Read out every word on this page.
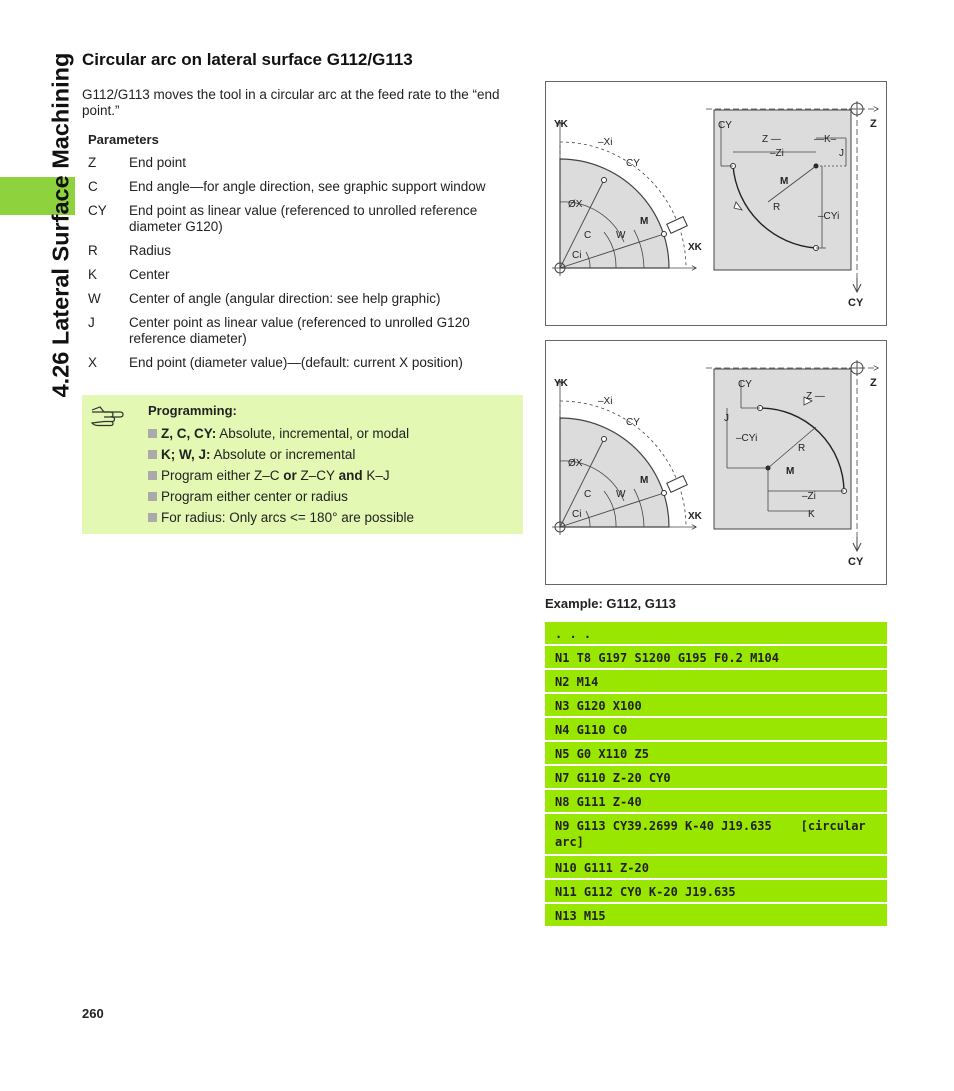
4.26 Lateral Surface Machining Circular arc on lateral surface G112/G113
G112/G113 moves the tool in a circular arc at the feed rate to the “end point.”
Parameters
Z End point
C End angle—for angle direction, see graphic support window
CY End point as linear value (referenced to unrolled reference diameter G120)
R Radius
K Center
W Center of angle (angular direction: see help graphic)
J	Center point as linear value (referenced to unrolled G120 reference diameter)
X End point (diameter value)—(default: current X position)
Programming:
Z, C, CY: Absolute, incremental, or modal
K; W, J: Absolute or incremental
Program either Z–C or Z–CY and K–J
Program either center or radius
For radius: Only arcs <= 180° are possible
YK
XK
–Xi
CY
ØX
M
C W
Ci
CY
Z —	—K–
–Zi	J
M
R
–CYi
Z
CY
YK
XK
–Xi
CY
ØX
M
C W
Ci
CY
Z —
J
–CYi
R
M
–Zi
K
Z
CY
Example: G112, G113
. . .
N1 T8 G197 S1200 G195 F0.2 M104
N2 M14
N3 G120 X100
N4 G110 C0
N5 G0 X110 Z5
N7 G110 Z-20 CY0
N8 G111 Z-40
N9 G113 CY39.2699 K-40 J19.635    [circular arc]
N10 G111 Z-20
N11 G112 CY0 K-20 J19.635
N13 M15
260
